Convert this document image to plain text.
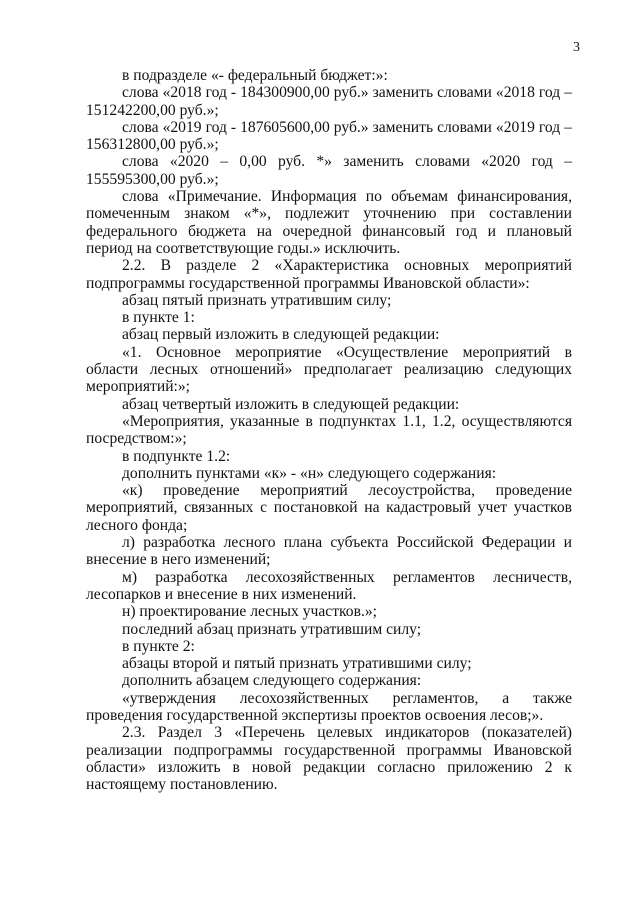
3

в подразделе «- федеральный бюджет:»:

слова «2018 год - 184300900,00 руб.» заменить словами «2018 год – 151242200,00 руб.»;

слова «2019 год - 187605600,00 руб.» заменить словами «2019 год – 156312800,00 руб.»;

слова «2020 – 0,00 руб. *» заменить словами «2020 год – 155595300,00 руб.»;

слова «Примечание. Информация по объемам финансирования, помеченным знаком «*», подлежит уточнению при составлении федерального бюджета на очередной финансовый год и плановый период на соответствующие годы.» исключить.

2.2. В разделе 2 «Характеристика основных мероприятий подпрограммы государственной программы Ивановской области»:

абзац пятый признать утратившим силу;

в пункте 1:

абзац первый изложить в следующей редакции:

«1. Основное мероприятие «Осуществление мероприятий в области лесных отношений» предполагает реализацию следующих мероприятий:»;

абзац четвертый изложить в следующей редакции:

«Мероприятия, указанные в подпунктах 1.1, 1.2, осуществляются посредством:»;

в подпункте 1.2:

дополнить пунктами «к» - «н» следующего содержания:

«к) проведение мероприятий лесоустройства, проведение мероприятий, связанных с постановкой на кадастровый учет участков лесного фонда;

л) разработка лесного плана субъекта Российской Федерации и внесение в него изменений;

м) разработка лесохозяйственных регламентов лесничеств, лесопарков и внесение в них изменений.

н) проектирование лесных участков.»;

последний абзац признать утратившим силу;

в пункте 2:

абзацы второй и пятый признать утратившими силу;

дополнить абзацем следующего содержания:

«утверждения лесохозяйственных регламентов, а также проведения государственной экспертизы проектов освоения лесов;».

2.3. Раздел 3 «Перечень целевых индикаторов (показателей) реализации подпрограммы государственной программы Ивановской области» изложить в новой редакции согласно приложению 2 к настоящему постановлению.
